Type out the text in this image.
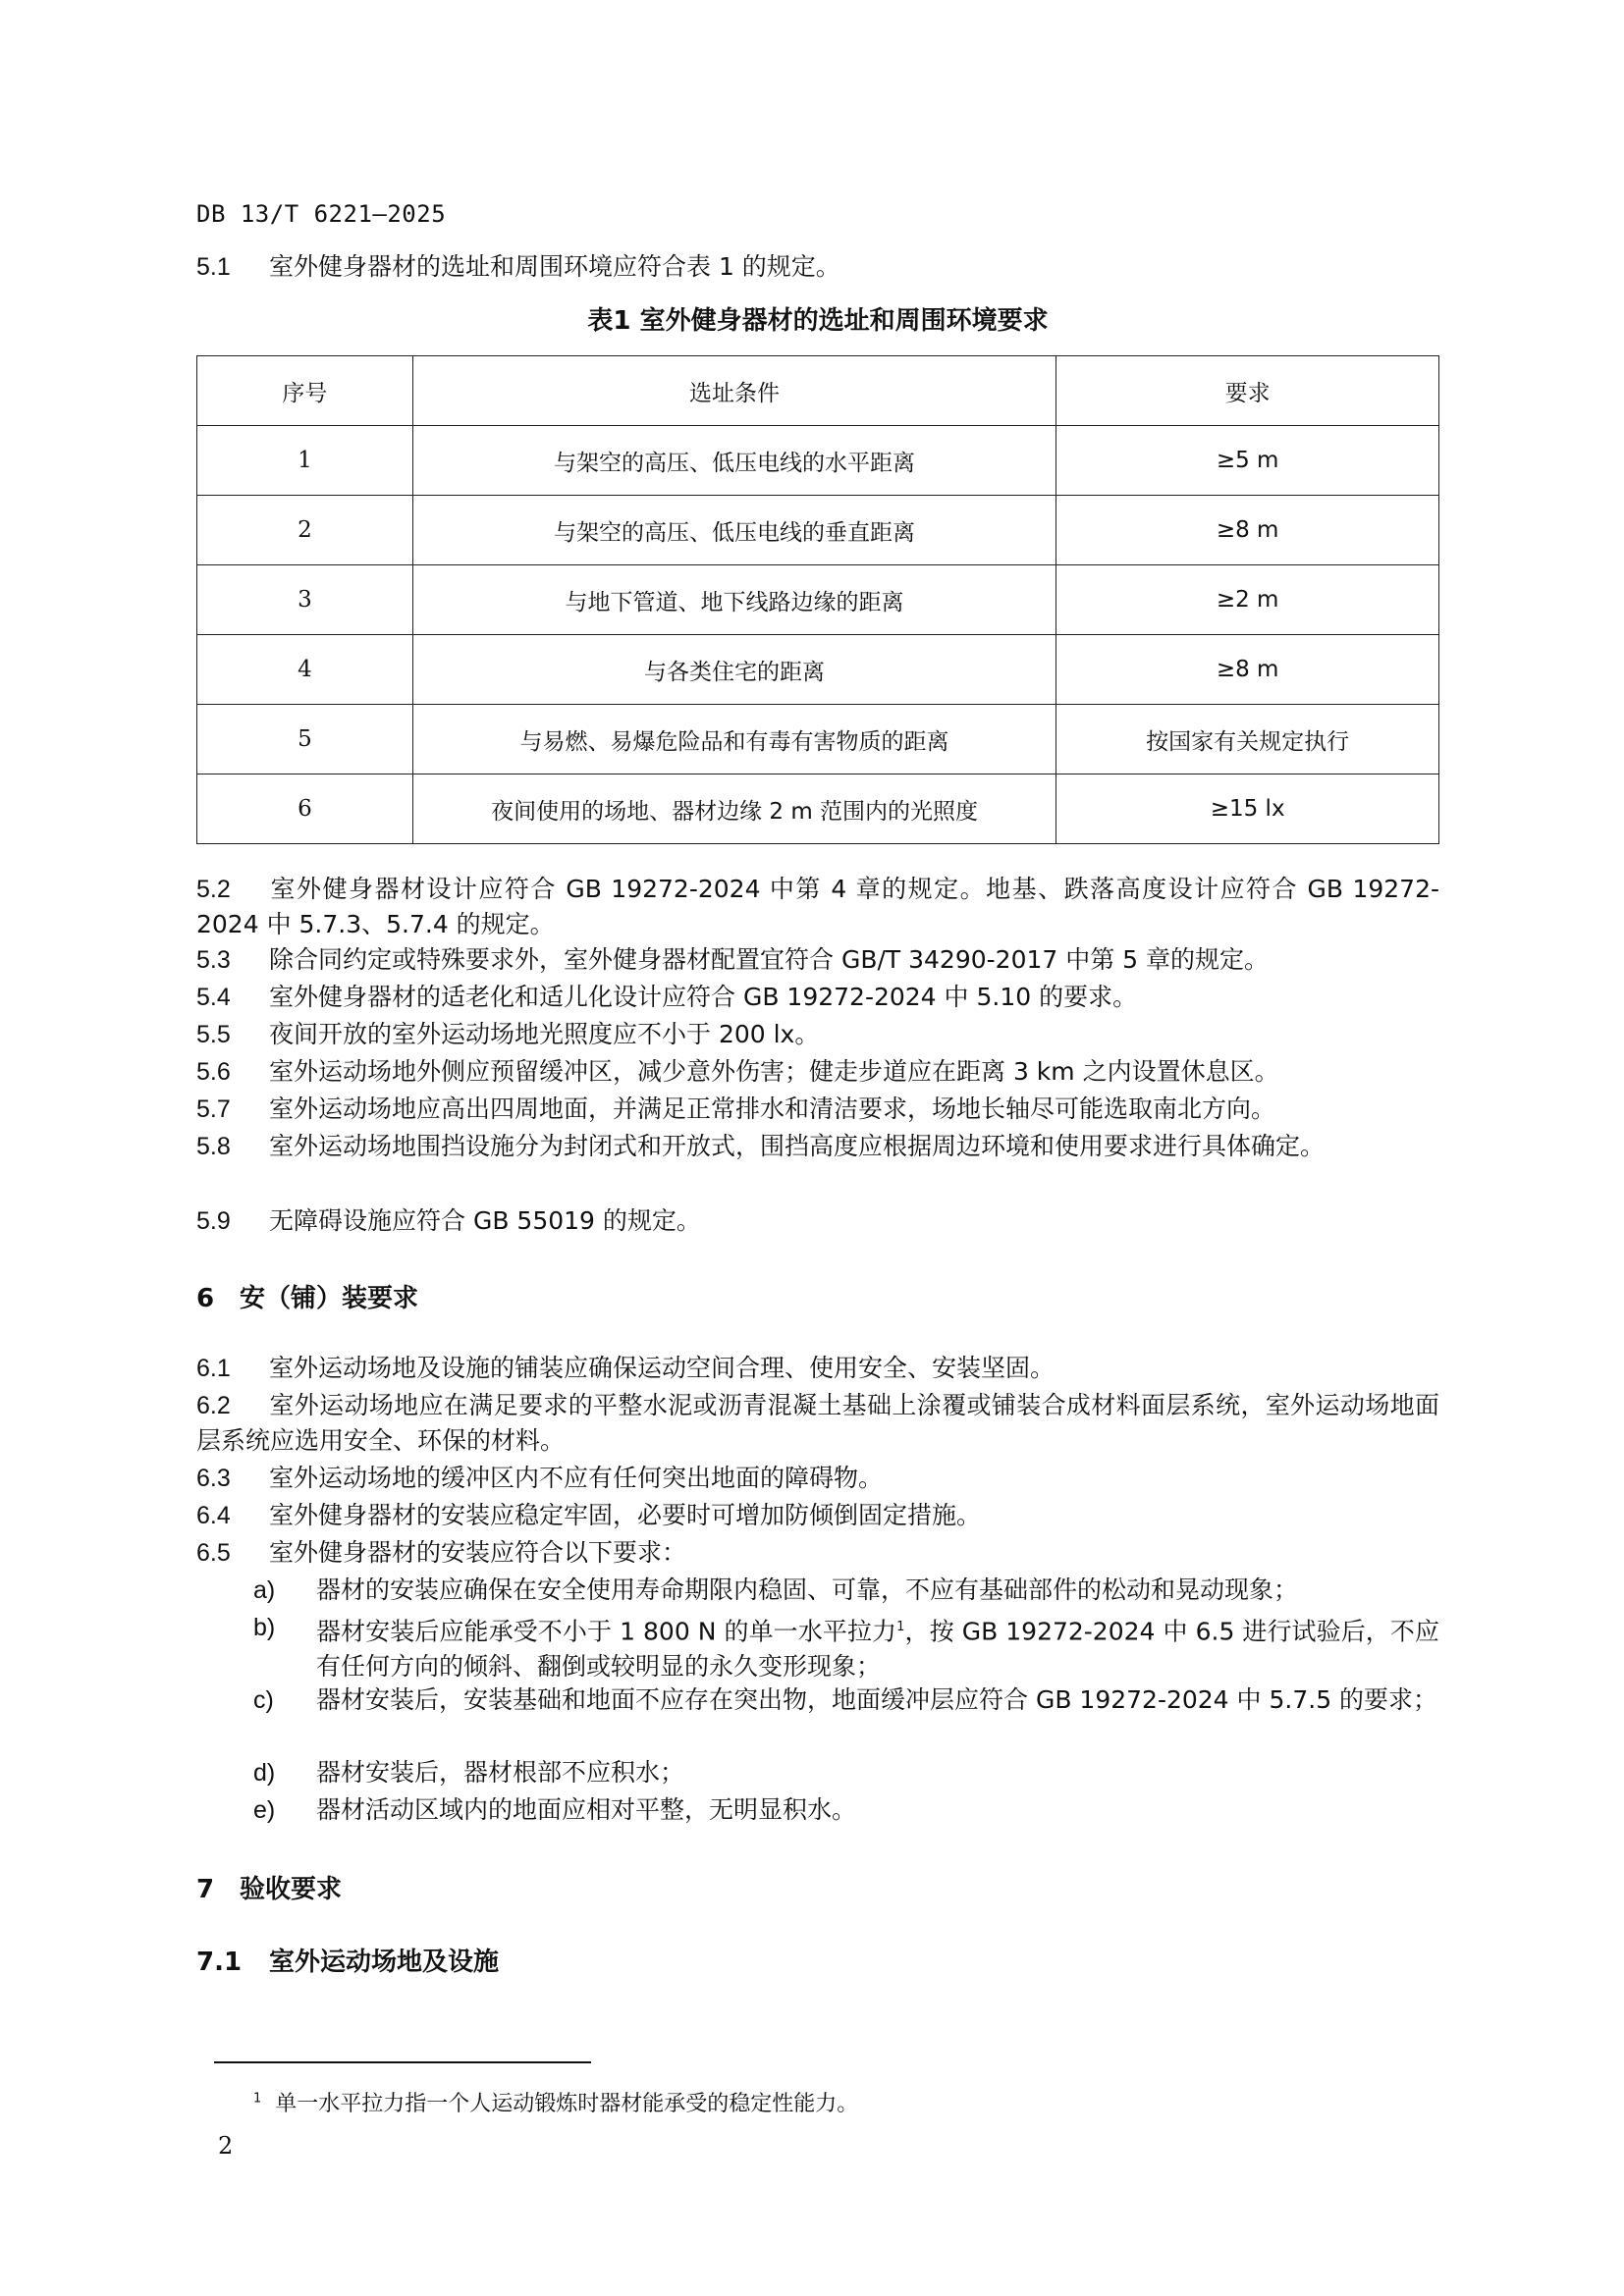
DB 13/T 6221—2025
5.1 室外健身器材的选址和周围环境应符合表 1 的规定。
表1 室外健身器材的选址和周围环境要求
序号	选址条件	要求
1	与架空的高压、低压电线的水平距离	≥5 m
2	与架空的高压、低压电线的垂直距离	≥8 m
3	与地下管道、地下线路边缘的距离	≥2 m
4	与各类住宅的距离	≥8 m
5	与易燃、易爆危险品和有毒有害物质的距离	按国家有关规定执行
6	夜间使用的场地、器材边缘 2 m 范围内的光照度	≥15 lx
5.2 室外健身器材设计应符合 GB 19272-2024 中第 4 章的规定。地基、跌落高度设计应符合 GB 19272-2024 中 5.7.3、5.7.4 的规定。
5.3 除合同约定或特殊要求外，室外健身器材配置宜符合 GB/T 34290-2017 中第 5 章的规定。
5.4 室外健身器材的适老化和适儿化设计应符合 GB 19272-2024 中 5.10 的要求。
5.5 夜间开放的室外运动场地光照度应不小于 200 lx。
5.6 室外运动场地外侧应预留缓冲区，减少意外伤害；健走步道应在距离 3 km 之内设置休息区。
5.7 室外运动场地应高出四周地面，并满足正常排水和清洁要求，场地长轴尽可能选取南北方向。
5.8 室外运动场地围挡设施分为封闭式和开放式，围挡高度应根据周边环境和使用要求进行具体确定。
5.9 无障碍设施应符合 GB 55019 的规定。
6 安（铺）装要求
6.1 室外运动场地及设施的铺装应确保运动空间合理、使用安全、安装坚固。
6.2 室外运动场地应在满足要求的平整水泥或沥青混凝土基础上涂覆或铺装合成材料面层系统，室外运动场地面层系统应选用安全、环保的材料。
6.3 室外运动场地的缓冲区内不应有任何突出地面的障碍物。
6.4 室外健身器材的安装应稳定牢固，必要时可增加防倾倒固定措施。
6.5 室外健身器材的安装应符合以下要求：
a)	器材的安装应确保在安全使用寿命期限内稳固、可靠，不应有基础部件的松动和晃动现象；
b)	器材安装后应能承受不小于 1 800 N 的单一水平拉力$^1$，按 GB 19272-2024 中 6.5 进行试验后，不应有任何方向的倾斜、翻倒或较明显的永久变形现象；
c)	器材安装后，安装基础和地面不应存在突出物，地面缓冲层应符合 GB 19272-2024 中 5.7.5 的要求；
d)	器材安装后，器材根部不应积水；
e)	器材活动区域内的地面应相对平整，无明显积水。
7 验收要求
7.1 室外运动场地及设施
$^1$ 单一水平拉力指一个人运动锻炼时器材能承受的稳定性能力。
2
